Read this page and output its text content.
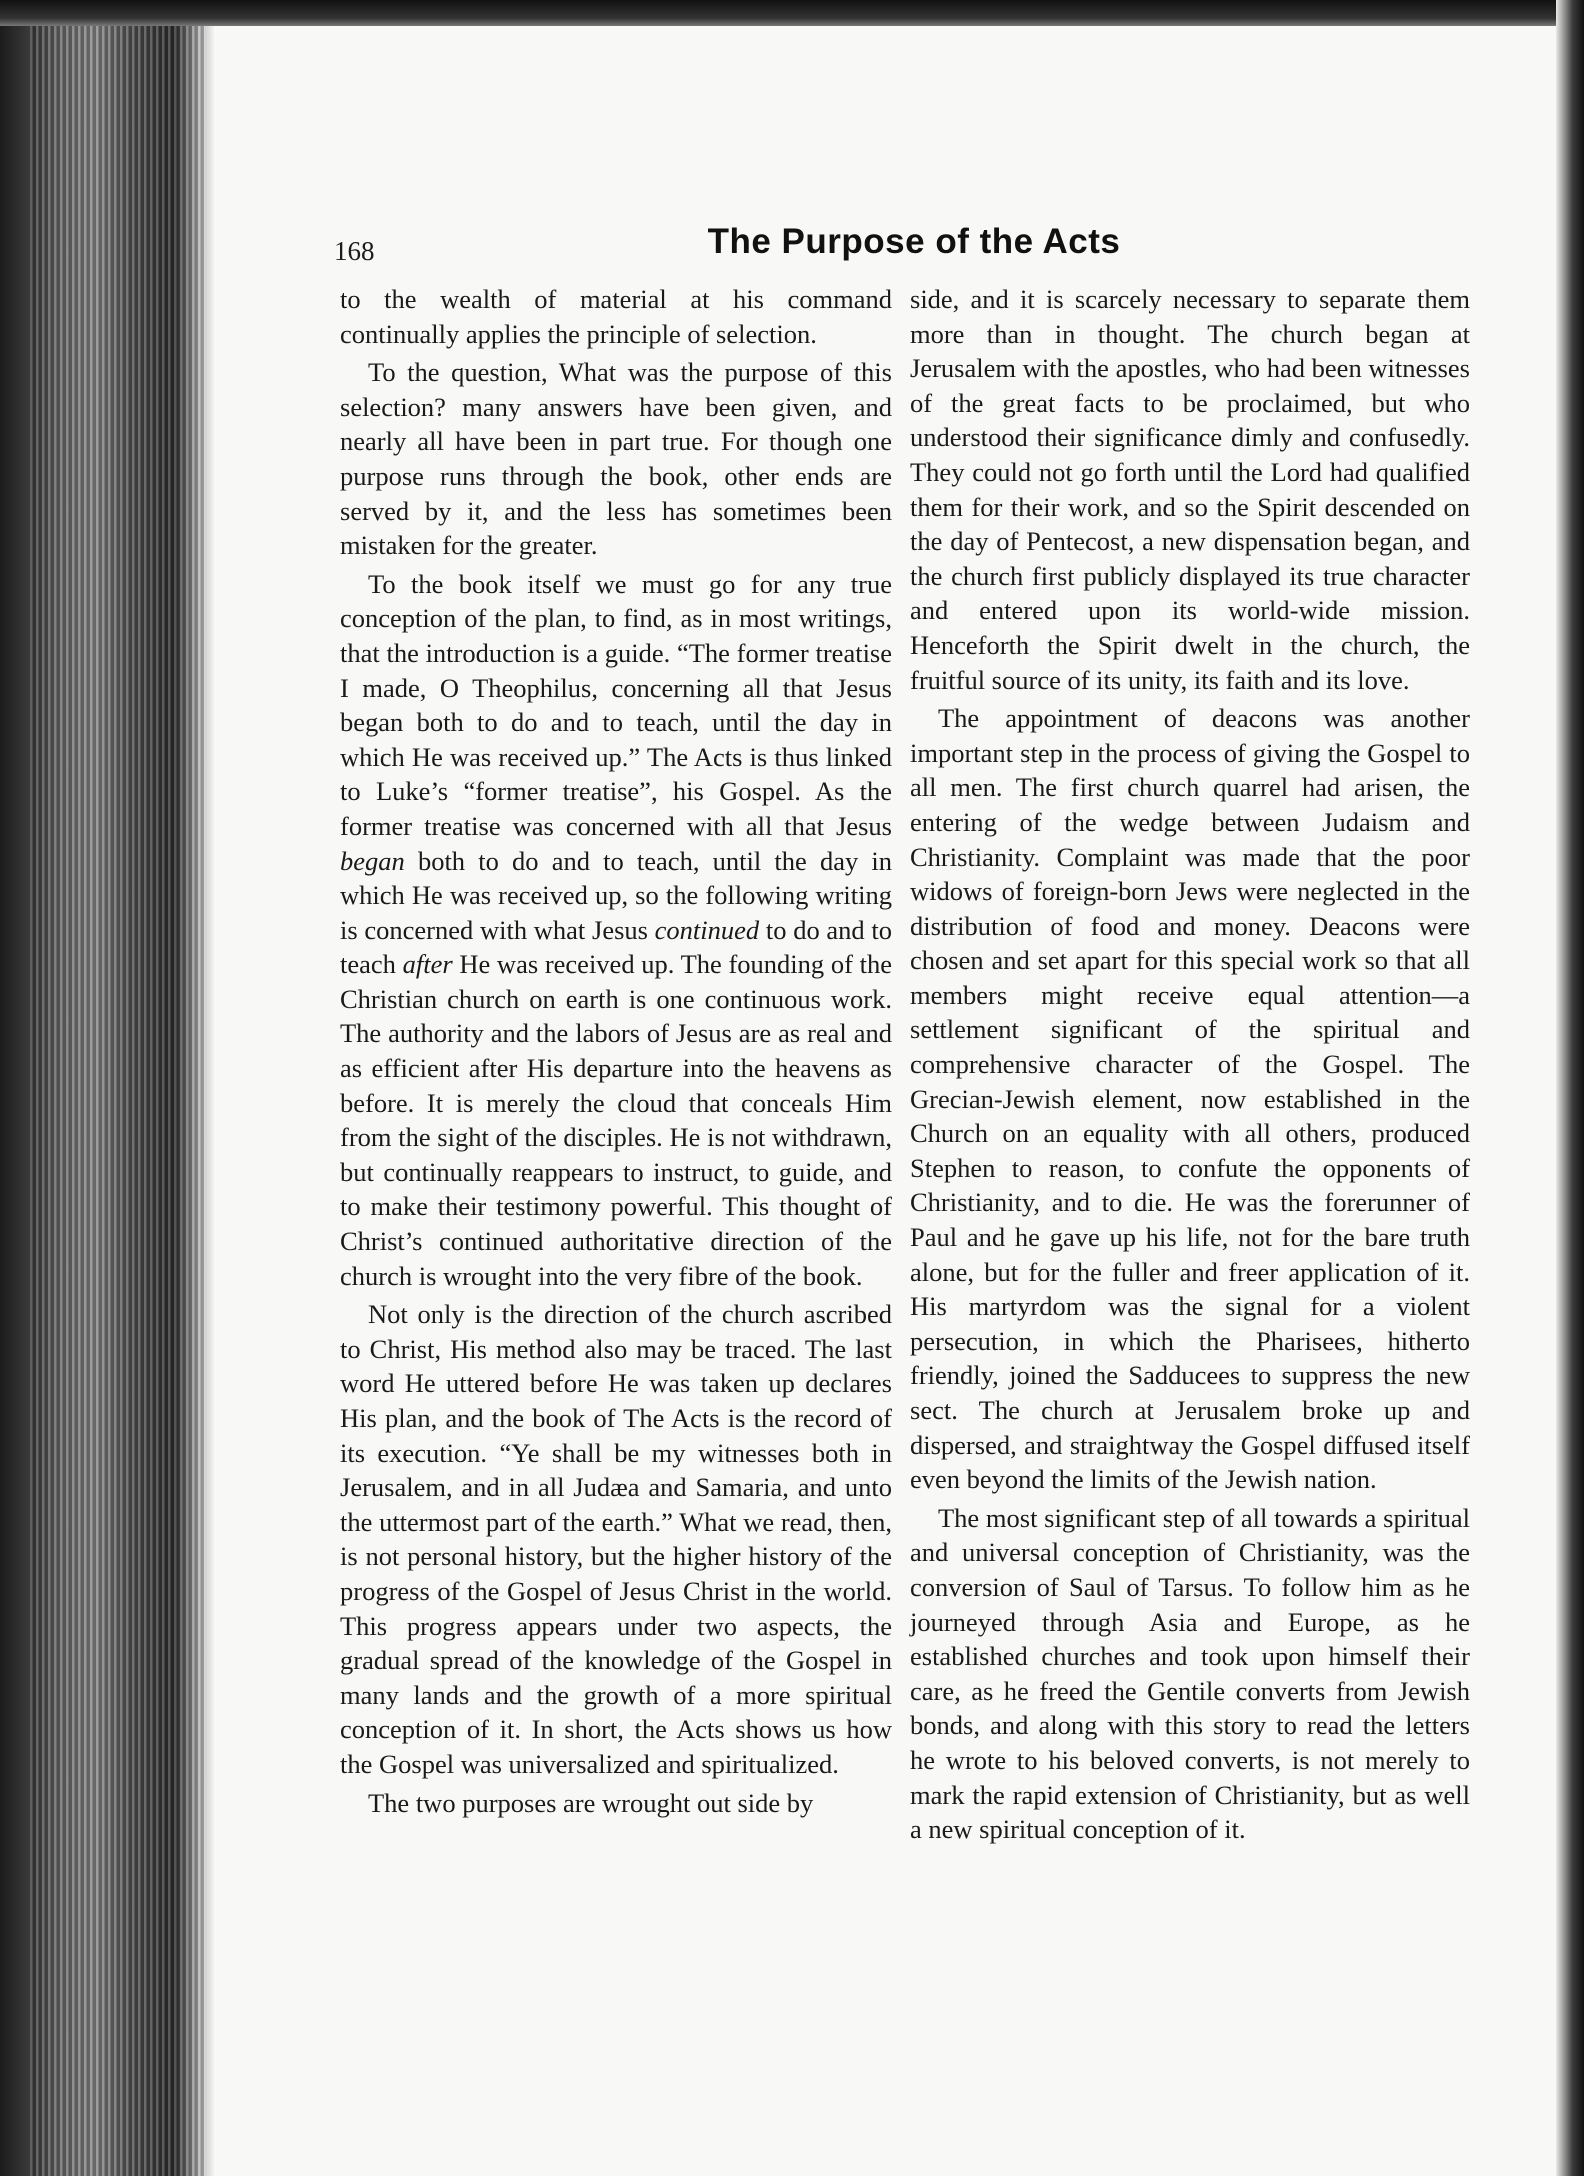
168	The Purpose of the Acts

to the wealth of material at his command continually applies the principle of selection.

To the question, What was the purpose of this selection? many answers have been given, and nearly all have been in part true. For though one purpose runs through the book, other ends are served by it, and the less has sometimes been mistaken for the greater.

To the book itself we must go for any true conception of the plan, to find, as in most writings, that the introduction is a guide. “The former treatise I made, O Theophilus, concerning all that Jesus began both to do and to teach, until the day in which He was received up.” The Acts is thus linked to Luke’s “former treatise”, his Gospel. As the former treatise was concerned with all that Jesus began both to do and to teach, until the day in which He was received up, so the following writing is concerned with what Jesus continued to do and to teach after He was received up. The founding of the Christian church on earth is one continuous work. The authority and the labors of Jesus are as real and as efficient after His departure into the heavens as before. It is merely the cloud that conceals Him from the sight of the disciples. He is not withdrawn, but continually reappears to instruct, to guide, and to make their testimony powerful. This thought of Christ’s continued authoritative direction of the church is wrought into the very fibre of the book.

Not only is the direction of the church ascribed to Christ, His method also may be traced. The last word He uttered before He was taken up declares His plan, and the book of The Acts is the record of its execution. “Ye shall be my witnesses both in Jerusalem, and in all Judæa and Samaria, and unto the uttermost part of the earth.” What we read, then, is not personal history, but the higher history of the progress of the Gospel of Jesus Christ in the world. This progress appears under two aspects, the gradual spread of the knowledge of the Gospel in many lands and the growth of a more spiritual conception of it. In short, the Acts shows us how the Gospel was universalized and spiritualized.

The two purposes are wrought out side by

side, and it is scarcely necessary to separate them more than in thought. The church began at Jerusalem with the apostles, who had been witnesses of the great facts to be proclaimed, but who understood their significance dimly and confusedly. They could not go forth until the Lord had qualified them for their work, and so the Spirit descended on the day of Pentecost, a new dispensation began, and the church first publicly displayed its true character and entered upon its world-wide mission. Henceforth the Spirit dwelt in the church, the fruitful source of its unity, its faith and its love.

The appointment of deacons was another important step in the process of giving the Gospel to all men. The first church quarrel had arisen, the entering of the wedge between Judaism and Christianity. Complaint was made that the poor widows of foreign-born Jews were neglected in the distribution of food and money. Deacons were chosen and set apart for this special work so that all members might receive equal attention—a settlement significant of the spiritual and comprehensive character of the Gospel. The Grecian-Jewish element, now established in the Church on an equality with all others, produced Stephen to reason, to confute the opponents of Christianity, and to die. He was the forerunner of Paul and he gave up his life, not for the bare truth alone, but for the fuller and freer application of it. His martyrdom was the signal for a violent persecution, in which the Pharisees, hitherto friendly, joined the Sadducees to suppress the new sect. The church at Jerusalem broke up and dispersed, and straightway the Gospel diffused itself even beyond the limits of the Jewish nation.

The most significant step of all towards a spiritual and universal conception of Christianity, was the conversion of Saul of Tarsus. To follow him as he journeyed through Asia and Europe, as he established churches and took upon himself their care, as he freed the Gentile converts from Jewish bonds, and along with this story to read the letters he wrote to his beloved converts, is not merely to mark the rapid extension of Christianity, but as well a new spiritual conception of it.
